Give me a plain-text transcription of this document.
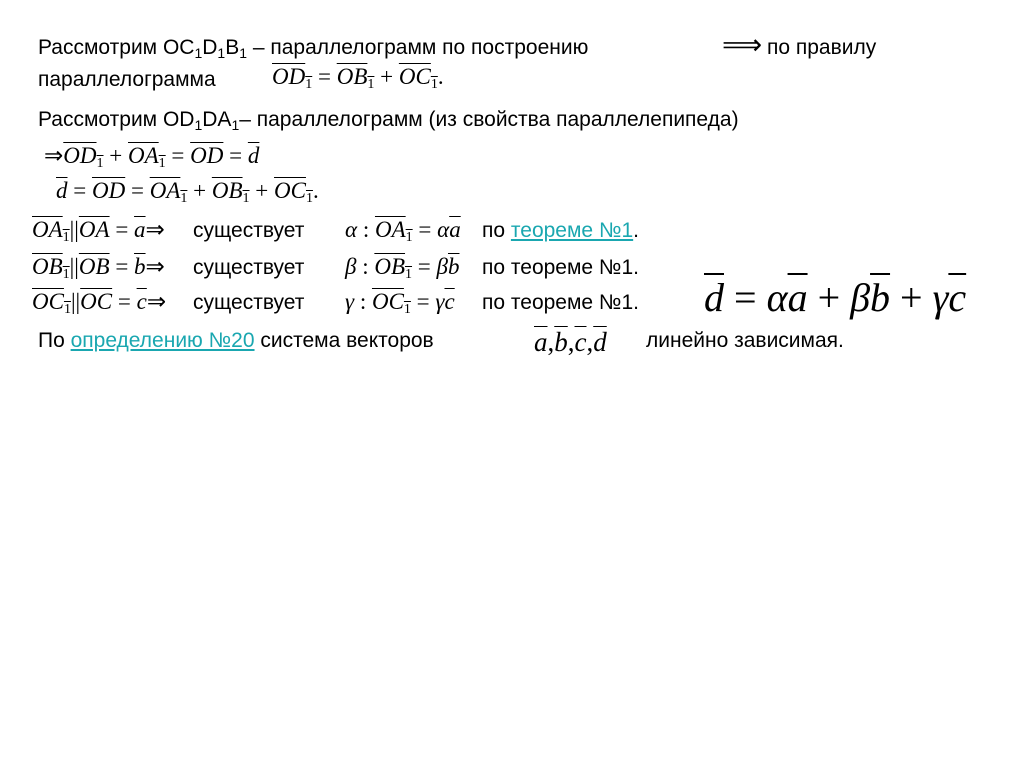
Рассмотрим $OC_1D_1B_1$ – параллелограмм по построению	⟹ по правилу
параллелограмма $OD_1 = OB_1 + OC_1$.
Рассмотрим $OD_1DA_1-$ параллелограмм (из свойства параллелепипеда)
$\Rightarrow OD_1 + OA_1 = \overline{OD} = \overline{d}$
$\overline{d} = \overline{OD} = OA_1 + OB_1 + OC_1$.
$OA_1||\overline{OA}$ = $\overline{a}\Rightarrow$ существует α : $OA_1 = \alpha\overline{a}$ по теореме №1.
$OB_1||\overline{OB}$ = $\overline{b}\Rightarrow$ существует β : $OB_1 = \beta\overline{b}$ по теореме №1.
$OC_1||\overline{OC}$ = $\overline{c}\Rightarrow$ существует γ : $OC_1 = \gamma\overline{c}$ по теореме №1. $\overline{d} = \alpha\overline{a} + \beta\overline{b} + \gamma\overline{c}$
По определению №20 система векторов	$\overline{a},\overline{b},\overline{c},\overline{d}$ линейно зависимая.
